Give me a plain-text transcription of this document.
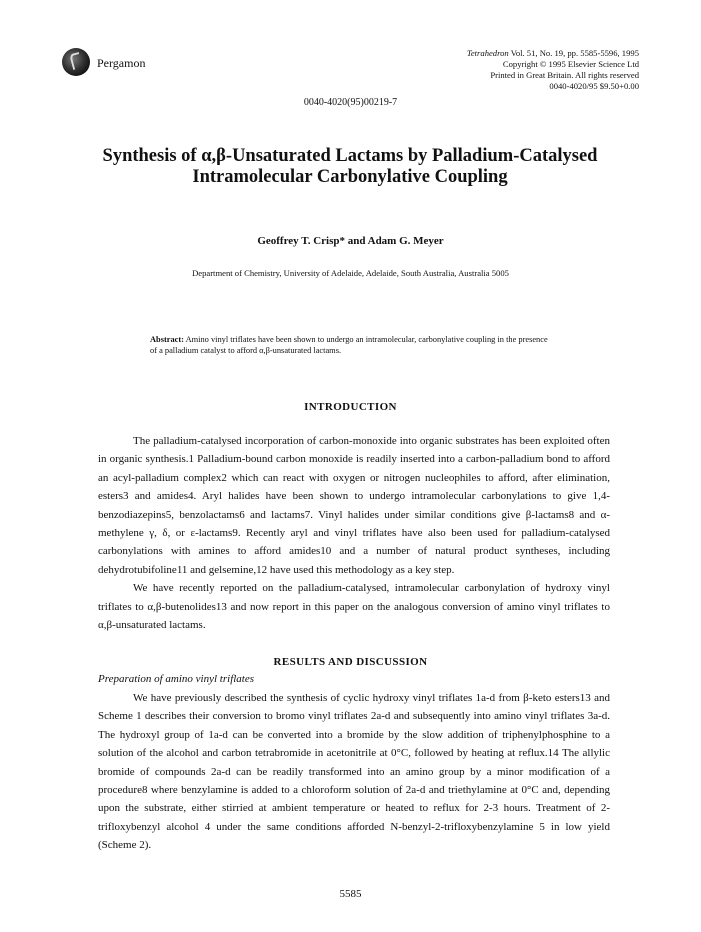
Pergamon
Tetrahedron Vol. 51, No. 19, pp. 5585-5596, 1995
Copyright © 1995 Elsevier Science Ltd
Printed in Great Britain. All rights reserved
0040-4020/95 $9.50+0.00
0040-4020(95)00219-7
Synthesis of α,β-Unsaturated Lactams by Palladium-Catalysed Intramolecular Carbonylative Coupling
Geoffrey T. Crisp* and Adam G. Meyer
Department of Chemistry, University of Adelaide, Adelaide, South Australia, Australia 5005
Abstract: Amino vinyl triflates have been shown to undergo an intramolecular, carbonylative coupling in the presence of a palladium catalyst to afford α,β-unsaturated lactams.
INTRODUCTION

The palladium-catalysed incorporation of carbon-monoxide into organic substrates has been exploited often in organic synthesis.1 Palladium-bound carbon monoxide is readily inserted into a carbon-palladium bond to afford an acyl-palladium complex2 which can react with oxygen or nitrogen nucleophiles to afford, after elimination, esters3 and amides4. Aryl halides have been shown to undergo intramolecular carbonylations to give 1,4-benzodiazepins5, benzolactams6 and lactams7. Vinyl halides under similar conditions give β-lactams8 and α-methylene γ, δ, or ε-lactams9. Recently aryl and vinyl triflates have also been used for palladium-catalysed carbonylations with amines to afford amides10 and a number of natural product syntheses, including dehydrotubifoline11 and gelsemine,12 have used this methodology as a key step.

We have recently reported on the palladium-catalysed, intramolecular carbonylation of hydroxy vinyl triflates to α,β-butenolides13 and now report in this paper on the analogous conversion of amino vinyl triflates to α,β-unsaturated lactams.

RESULTS AND DISCUSSION
Preparation of amino vinyl triflates

We have previously described the synthesis of cyclic hydroxy vinyl triflates 1a-d from β-keto esters13 and Scheme 1 describes their conversion to bromo vinyl triflates 2a-d and subsequently into amino vinyl triflates 3a-d. The hydroxyl group of 1a-d can be converted into a bromide by the slow addition of triphenylphosphine to a solution of the alcohol and carbon tetrabromide in acetonitrile at 0°C, followed by heating at reflux.14 The allylic bromide of compounds 2a-d can be readily transformed into an amino group by a minor modification of a procedure8 where benzylamine is added to a chloroform solution of 2a-d and triethylamine at 0°C and, depending upon the substrate, either stirried at ambient temperature or heated to reflux for 2-3 hours. Treatment of 2-trifloxybenzyl alcohol 4 under the same conditions afforded N-benzyl-2-trifloxybenzylamine 5 in low yield (Scheme 2).

5585
